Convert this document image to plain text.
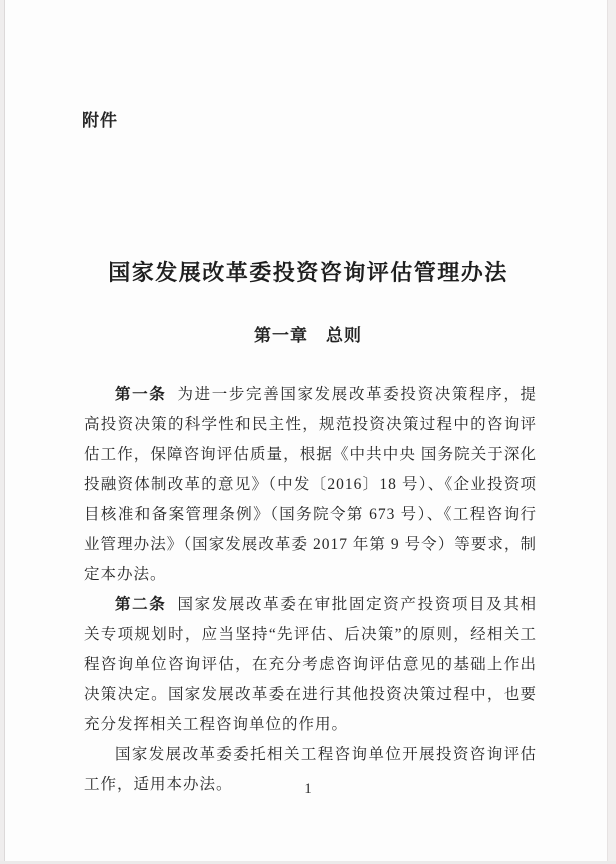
附件
国家发展改革委投资咨询评估管理办法
第一章　总则

第一条 为进一步完善国家发展改革委投资决策程序，提高投资决策的科学性和民主性，规范投资决策过程中的咨询评估工作，保障咨询评估质量，根据《中共中央 国务院关于深化投融资体制改革的意见》（中发〔2016〕18 号）、《企业投资项目核准和备案管理条例》（国务院令第 673 号）、《工程咨询行业管理办法》（国家发展改革委 2017 年第 9 号令）等要求，制定本办法。

第二条 国家发展改革委在审批固定资产投资项目及其相关专项规划时，应当坚持“先评估、后决策”的原则，经相关工程咨询单位咨询评估，在充分考虑咨询评估意见的基础上作出决策决定。国家发展改革委在进行其他投资决策过程中，也要充分发挥相关工程咨询单位的作用。

国家发展改革委委托相关工程咨询单位开展投资咨询评估工作，适用本办法。	1
